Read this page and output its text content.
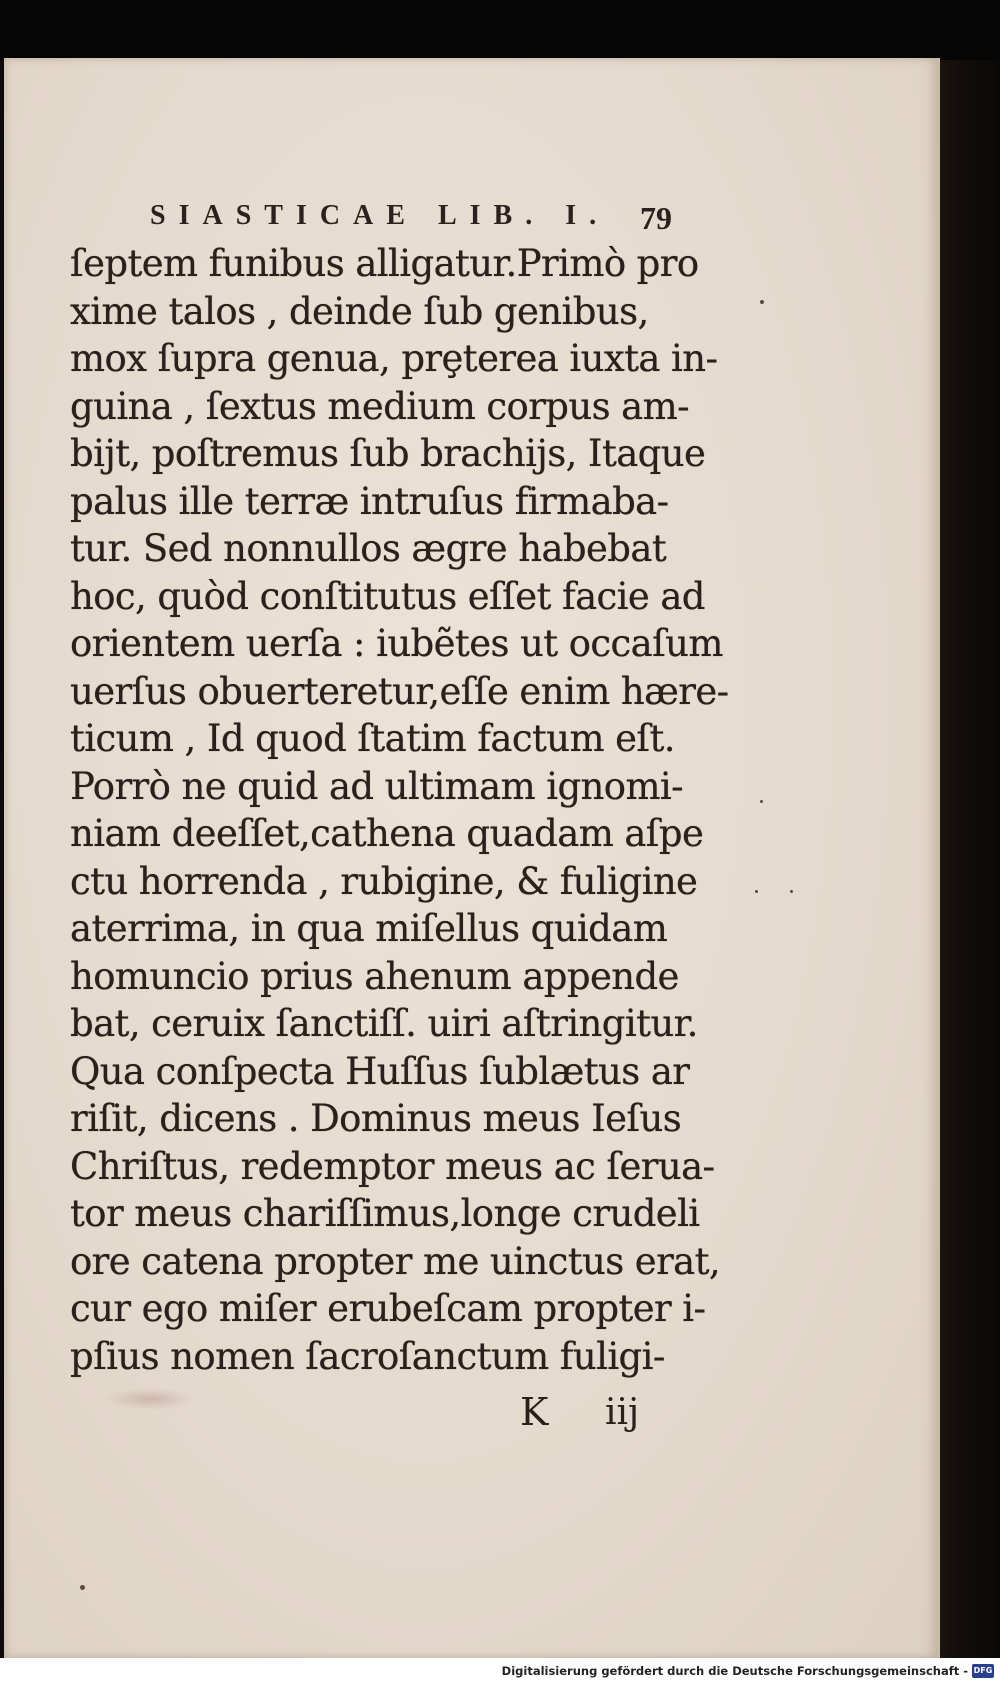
SIASTICAE LIB. I. 79
ſeptem funibus alligatur.Primò pro
xime talos , deinde ſub genibus,
mox ſupra genua, prȩterea iuxta in-
guina , ſextus medium corpus am-
bijt, poſtremus ſub brachijs, Itaque
palus ille terræ intruſus firmaba-
tur. Sed nonnullos ægre habebat
hoc, quòd conſtitutus eſſet facie ad
orientem uerſa : iubẽtes ut occaſum
uerſus obuerteretur,eſſe enim hære-
ticum , Id quod ſtatim factum eſt.
Porrò ne quid ad ultimam ignomi-
niam deeſſet,cathena quadam aſpe
ctu horrenda , rubigine, & fuligine
aterrima, in qua miſellus quidam
homuncio prius ahenum appende
bat, ceruix ſanctiſſ. uiri aſtringitur.
Qua conſpecta Huſſus ſublætus ar
riſit, dicens . Dominus meus Ieſus
Chriſtus, redemptor meus ac ſerua-
tor meus chariſſimus,longe crudeli
ore catena propter me uinctus erat,
cur ego miſer erubeſcam propter i-
pſius nomen ſacroſanctum fuligi-
K iij
Digitalisierung gefördert durch die Deutsche Forschungsgemeinschaft - DFG
